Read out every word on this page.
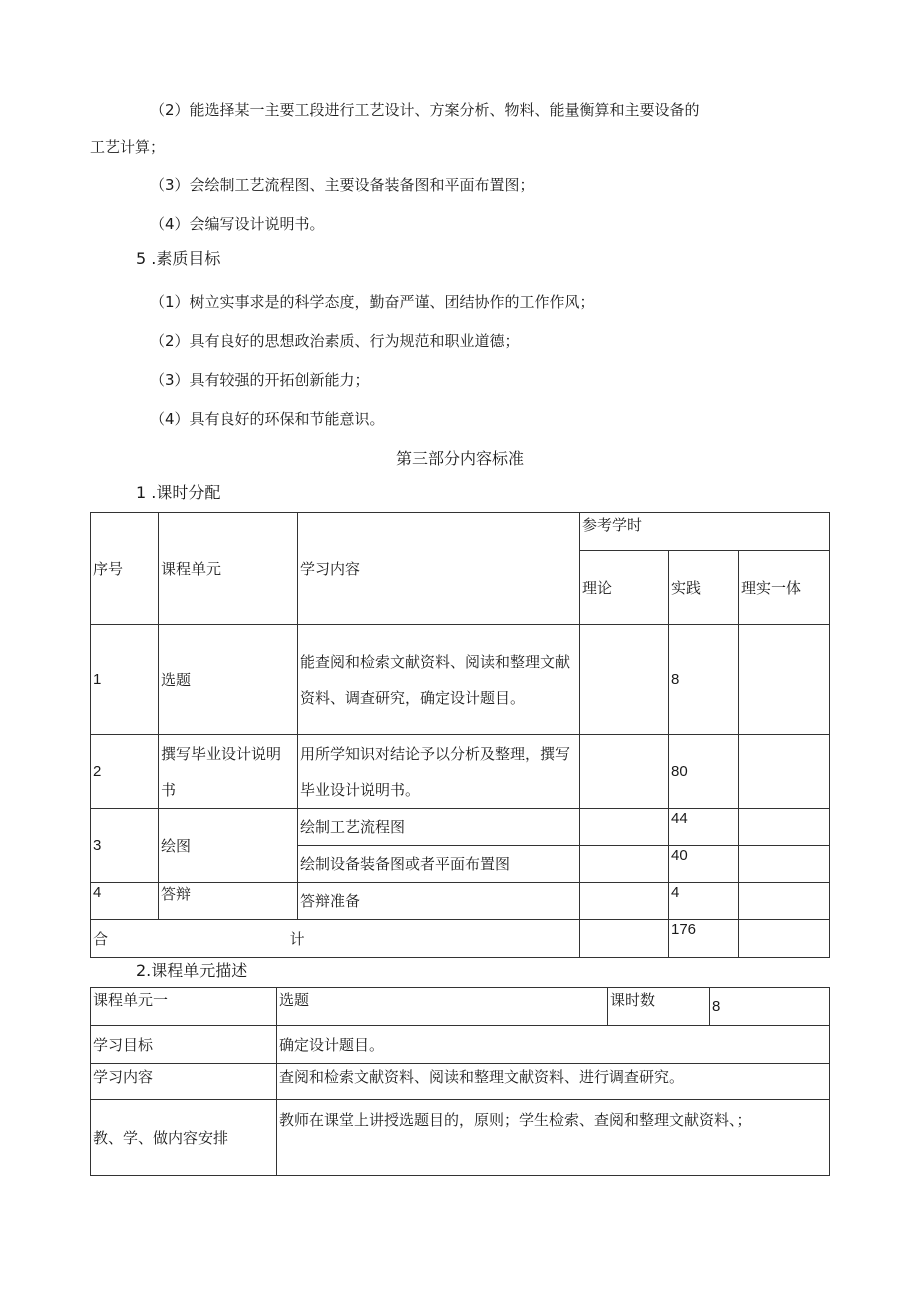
（2）能选择某一主要工段进行工艺设计、方案分析、物料、能量衡算和主要设备的
工艺计算；
（3）会绘制工艺流程图、主要设备装备图和平面布置图；
（4）会编写设计说明书。
5 .素质目标
（1）树立实事求是的科学态度，勤奋严谨、团结协作的工作作风；
（2）具有良好的思想政治素质、行为规范和职业道德；
（3）具有较强的开拓创新能力；
（4）具有良好的环保和节能意识。
第三部分内容标准
1 .课时分配
序号	课程单元	学习内容	参考学时		
			理论	实践	理实一体
1	选题	能查阅和检索文献资料、阅读和整理文献资料、调查研究，确定设计题目。		8	
2	撰写毕业设计说明书	用所学知识对结论予以分析及整理，撰写毕业设计说明书。		80	
3	绘图	绘制工艺流程图		44	
		绘制设备装备图或者平面布置图		40	
4	答辩	答辩准备		4	
合 计				176	
2.课程单元描述
课程单元一	选题	课时数	8
学习目标	确定设计题目。		
学习内容	查阅和检索文献资料、阅读和整理文献资料、进行调查研究。		
教、学、做内容安排	教师在课堂上讲授选题目的，原则；学生检索、查阅和整理文献资料、；		
